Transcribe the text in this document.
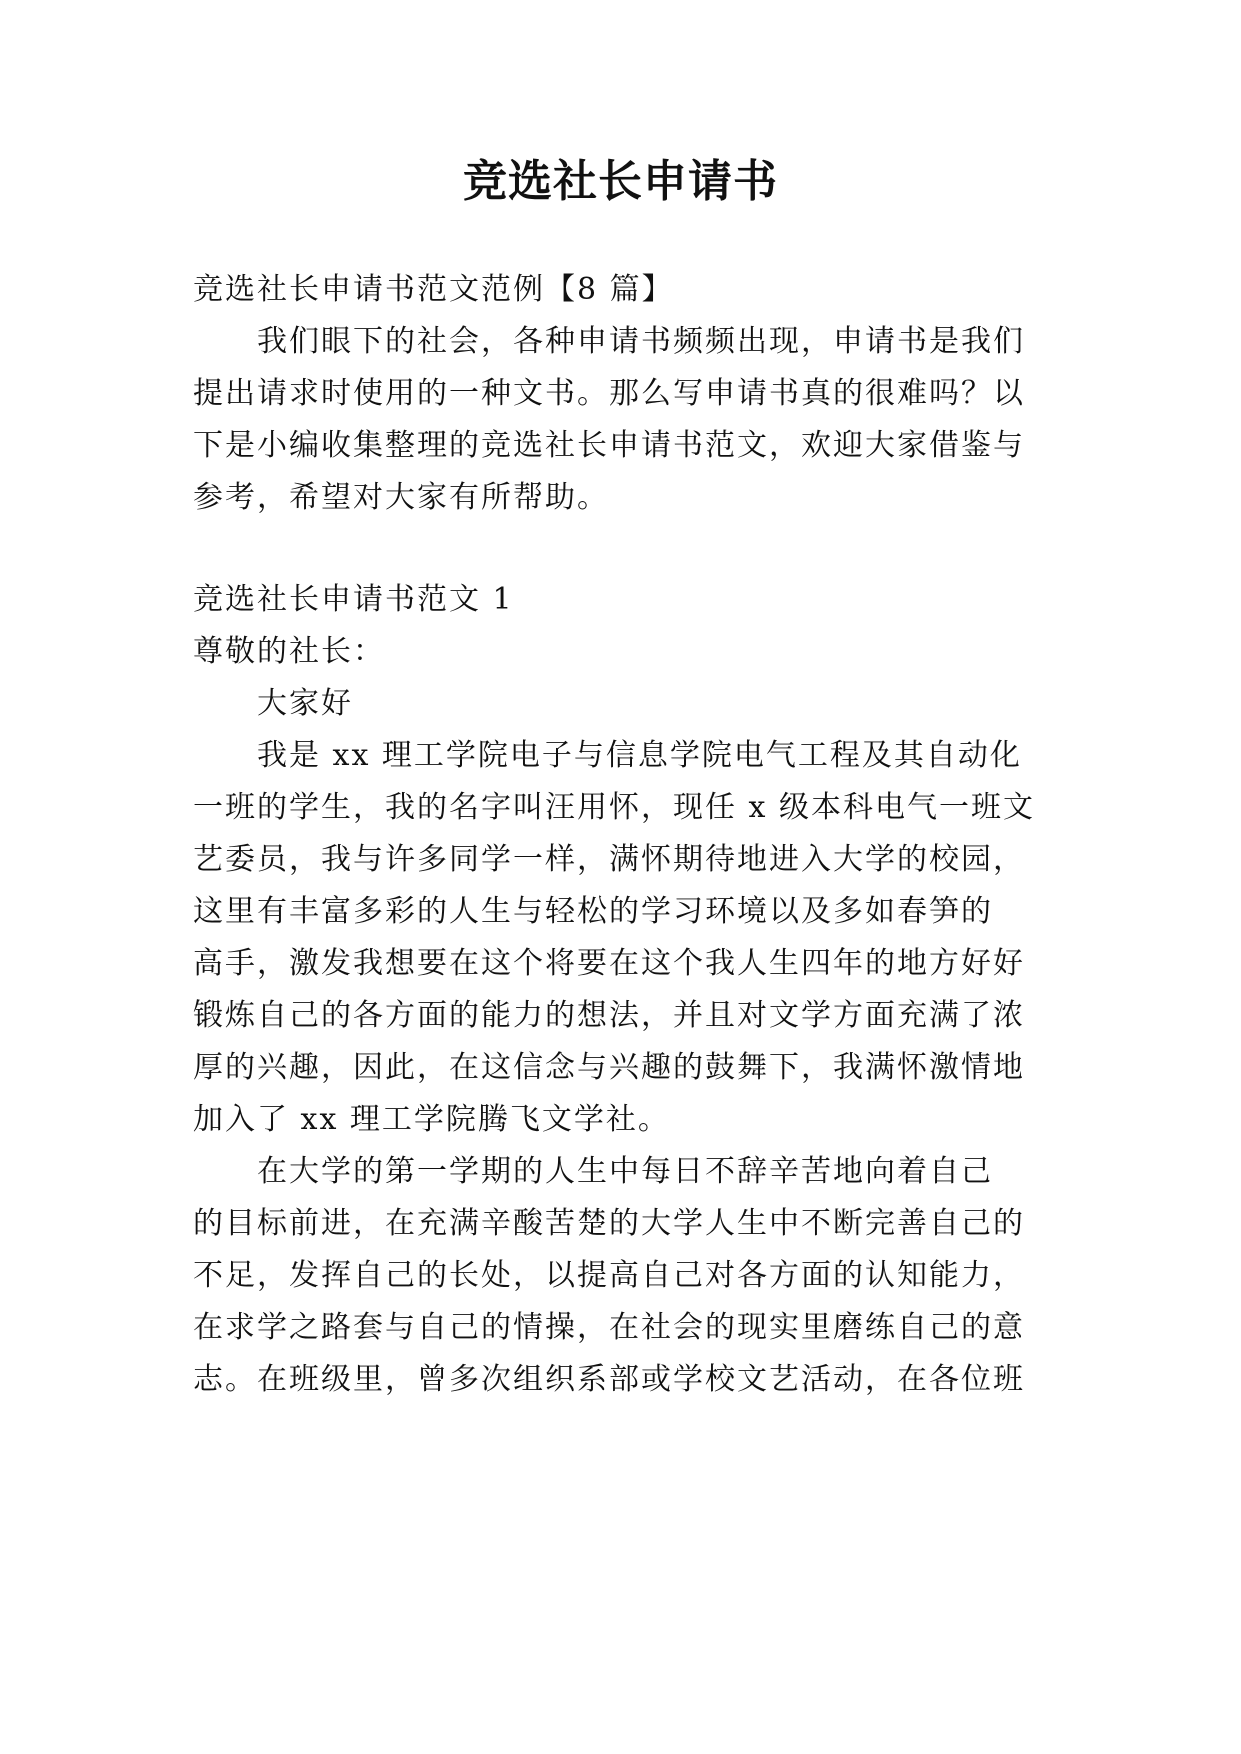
竞选社长申请书
竞选社长申请书范文范例【8 篇】
我们眼下的社会，各种申请书频频出现，申请书是我们
提出请求时使用的一种文书。那么写申请书真的很难吗？以
下是小编收集整理的竞选社长申请书范文，欢迎大家借鉴与
参考，希望对大家有所帮助。
竞选社长申请书范文 1
尊敬的社长：
大家好
我是 xx 理工学院电子与信息学院电气工程及其自动化
一班的学生，我的名字叫汪用怀，现任 x 级本科电气一班文
艺委员，我与许多同学一样，满怀期待地进入大学的校园，
这里有丰富多彩的人生与轻松的学习环境以及多如春笋的
高手，激发我想要在这个将要在这个我人生四年的地方好好
锻炼自己的各方面的能力的想法，并且对文学方面充满了浓
厚的兴趣，因此，在这信念与兴趣的鼓舞下，我满怀激情地
加入了 xx 理工学院腾飞文学社。
在大学的第一学期的人生中每日不辞辛苦地向着自己
的目标前进，在充满辛酸苦楚的大学人生中不断完善自己的
不足，发挥自己的长处，以提高自己对各方面的认知能力，
在求学之路套与自己的情操，在社会的现实里磨练自己的意
志。在班级里，曾多次组织系部或学校文艺活动，在各位班
